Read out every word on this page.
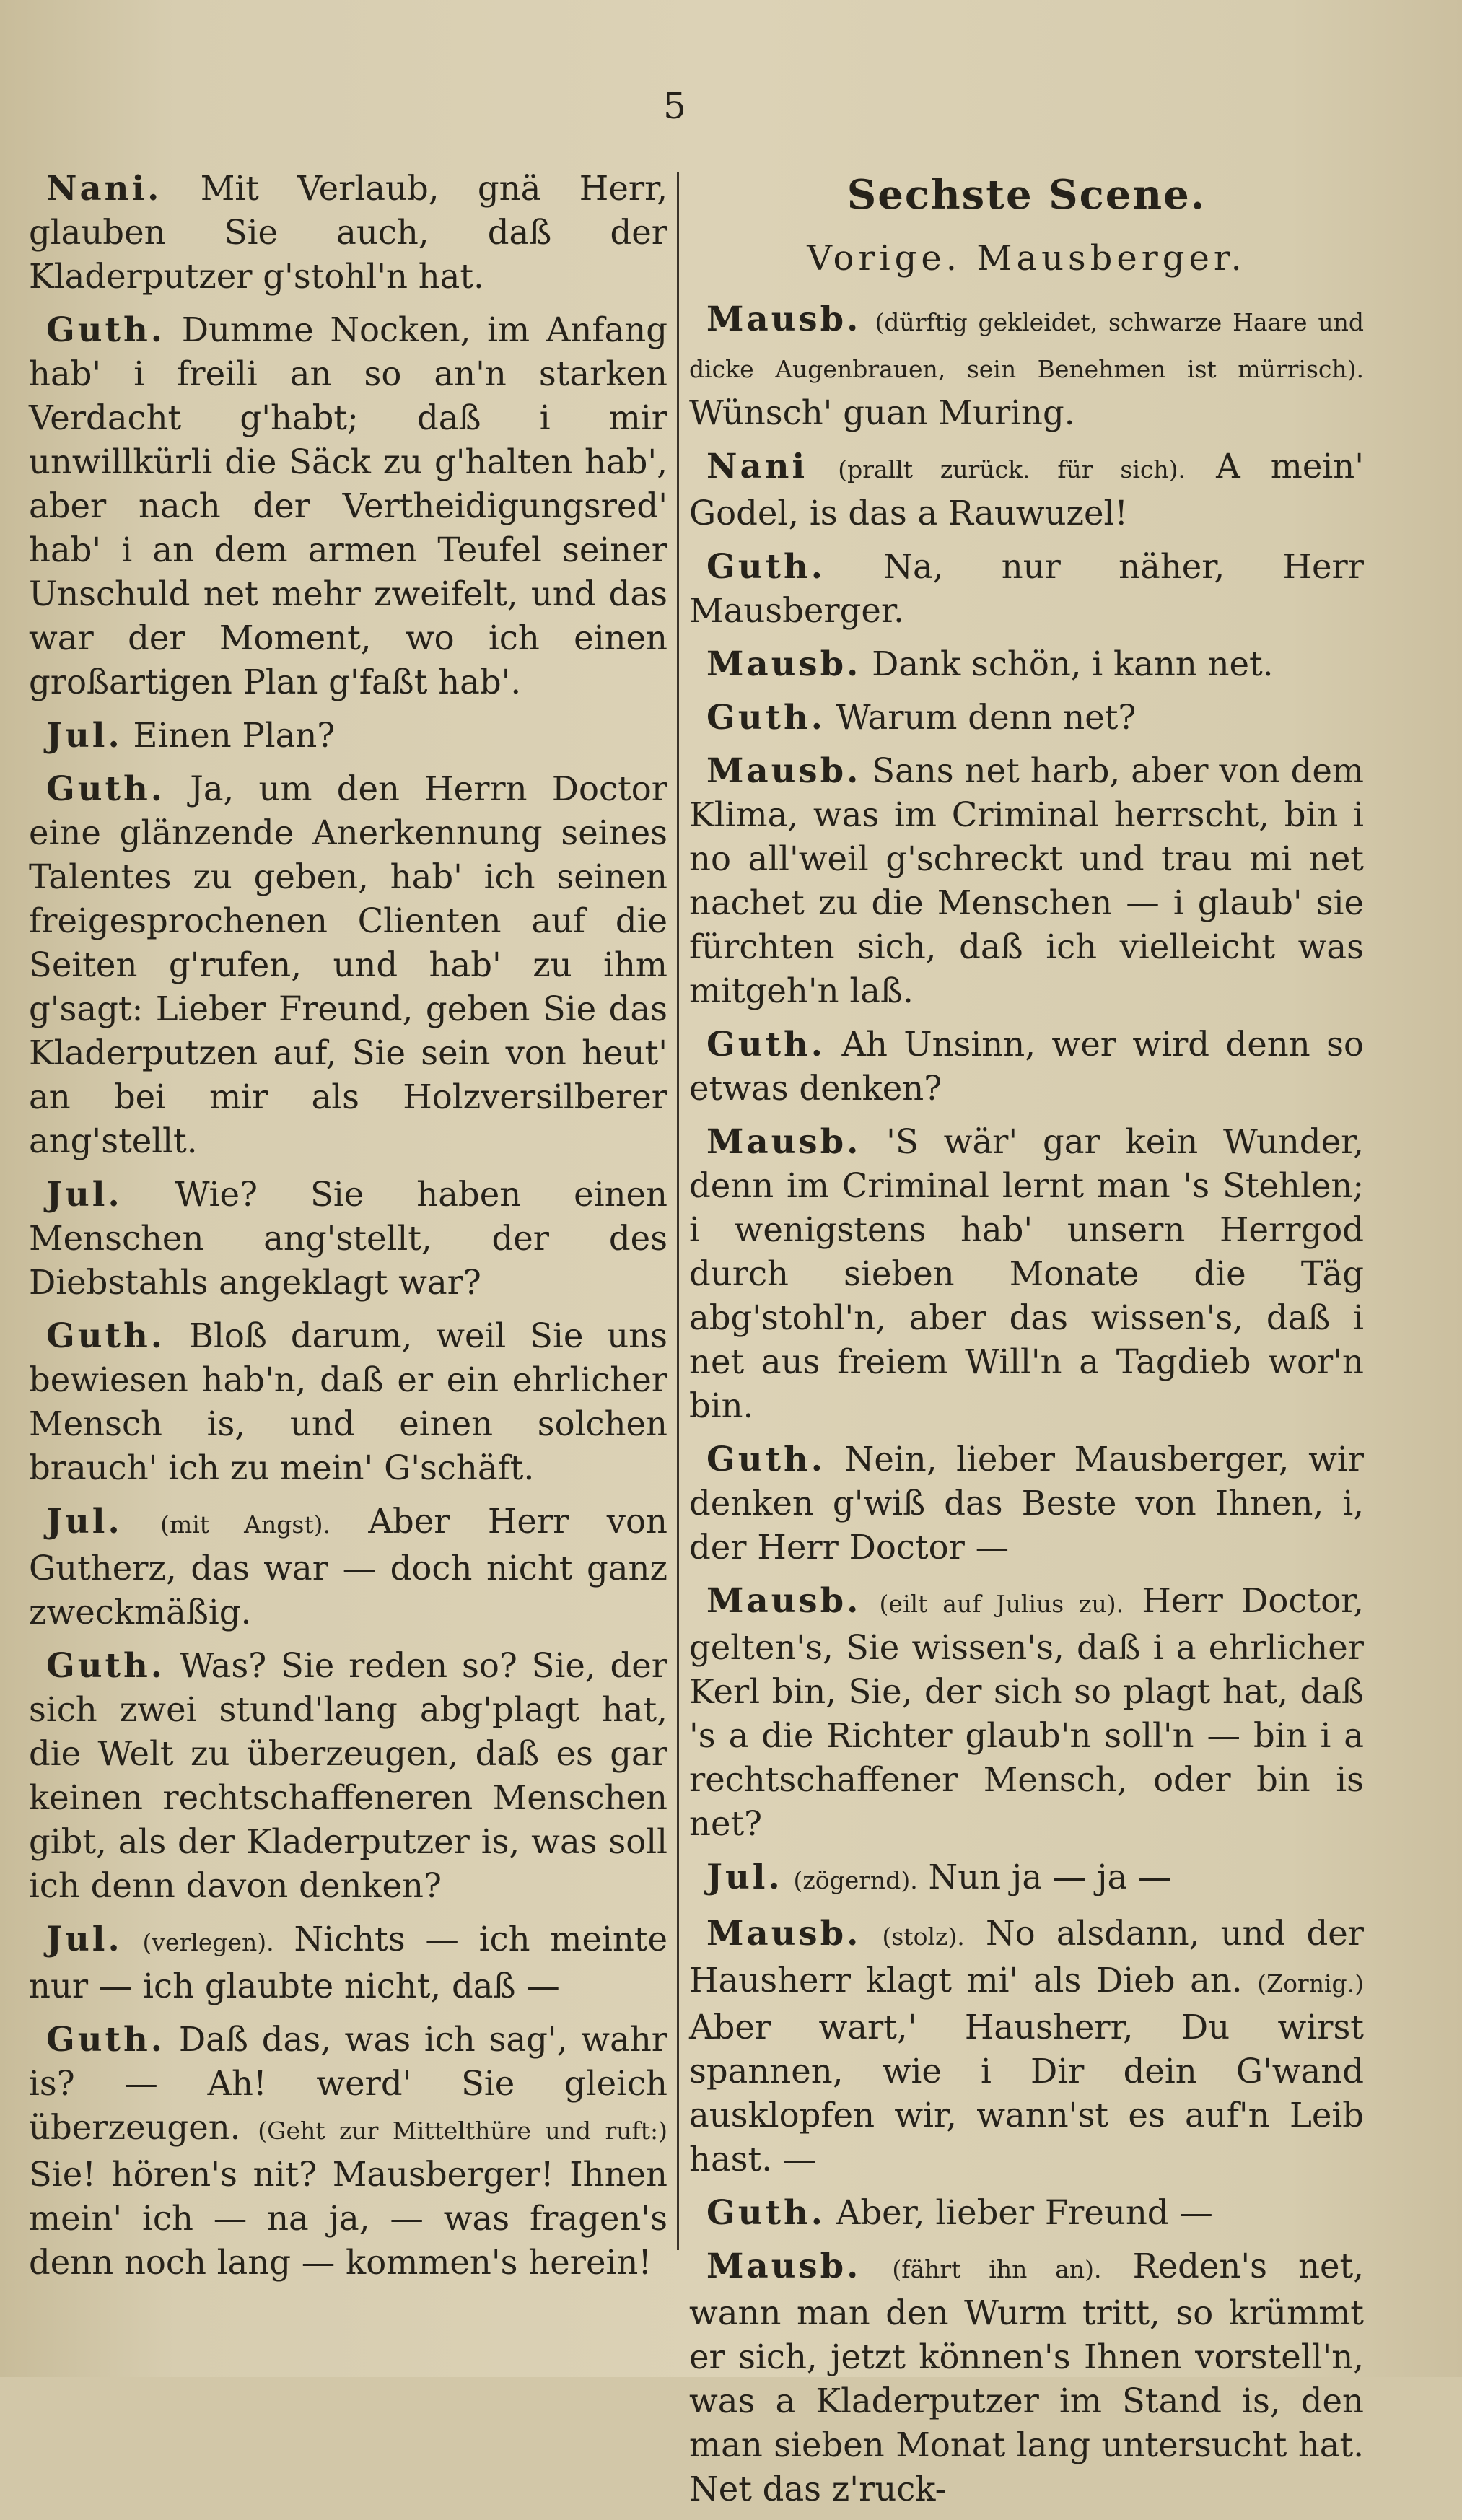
5

Nani. Mit Verlaub, gnä Herr, glauben Sie auch, daß der Kladerputzer g'stohl'n hat.

Guth. Dumme Nocken, im Anfang hab' i freili an so an'n starken Verdacht g'habt; daß i mir unwillkürli die Säck zu g'halten hab', aber nach der Vertheidigungsred' hab' i an dem armen Teufel seiner Unschuld net mehr zweifelt, und das war der Moment, wo ich einen großartigen Plan g'faßt hab'.

Jul. Einen Plan?

Guth. Ja, um den Herrn Doctor eine glänzende Anerkennung seines Talentes zu geben, hab' ich seinen freigesprochenen Clienten auf die Seiten g'rufen, und hab' zu ihm g'sagt: Lieber Freund, geben Sie das Kladerputzen auf, Sie sein von heut' an bei mir als Holzversilberer ang'stellt.

Jul. Wie? Sie haben einen Menschen ang'stellt, der des Diebstahls angeklagt war?

Guth. Bloß darum, weil Sie uns bewiesen hab'n, daß er ein ehrlicher Mensch is, und einen solchen brauch' ich zu mein' G'schäft.

Jul. (mit Angst). Aber Herr von Gutherz, das war — doch nicht ganz zweckmäßig.

Guth. Was? Sie reden so? Sie, der sich zwei stund'lang abg'plagt hat, die Welt zu überzeugen, daß es gar keinen rechtschaffeneren Menschen gibt, als der Kladerputzer is, was soll ich denn davon denken?

Jul. (verlegen). Nichts — ich meinte nur — ich glaubte nicht, daß —

Guth. Daß das, was ich sag', wahr is? — Ah! werd' Sie gleich überzeugen. (Geht zur Mittelthüre und ruft:) Sie! hören's nit? Mausberger! Ihnen mein' ich — na ja, — was fragen's denn noch lang — kommen's herein!

Sechste Scene.
Vorige. Mausberger.

Mausb. (dürftig gekleidet, schwarze Haare und dicke Augenbrauen, sein Benehmen ist mürrisch). Wünsch' guan Muring.

Nani (prallt zurück. für sich). A mein' Godel, is das a Rauwuzel!

Guth. Na, nur näher, Herr Mausberger.

Mausb. Dank schön, i kann net.

Guth. Warum denn net?

Mausb. Sans net harb, aber von dem Klima, was im Criminal herrscht, bin i no all'weil g'schreckt und trau mi net nachet zu die Menschen — i glaub' sie fürchten sich, daß ich vielleicht was mitgeh'n laß.

Guth. Ah Unsinn, wer wird denn so etwas denken?

Mausb. 'S wär' gar kein Wunder, denn im Criminal lernt man 's Stehlen; i wenigstens hab' unsern Herrgod durch sieben Monate die Täg abg'stohl'n, aber das wissen's, daß i net aus freiem Will'n a Tagdieb wor'n bin.

Guth. Nein, lieber Mausberger, wir denken g'wiß das Beste von Ihnen, i, der Herr Doctor —

Mausb. (eilt auf Julius zu). Herr Doctor, gelten's, Sie wissen's, daß i a ehrlicher Kerl bin, Sie, der sich so plagt hat, daß 's a die Richter glaub'n soll'n — bin i a rechtschaffener Mensch, oder bin is net?

Jul. (zögernd). Nun ja — ja —

Mausb. (stolz). No alsdann, und der Hausherr klagt mi' als Dieb an. (Zornig.) Aber wart,' Hausherr, Du wirst spannen, wie i Dir dein G'wand ausklopfen wir, wann'st es auf'n Leib hast. —

Guth. Aber, lieber Freund —

Mausb. (fährt ihn an). Reden's net, wann man den Wurm tritt, so krümmt er sich, jetzt können's Ihnen vorstell'n, was a Kladerputzer im Stand is, den man sieben Monat lang untersucht hat. Net das z'ruck-
